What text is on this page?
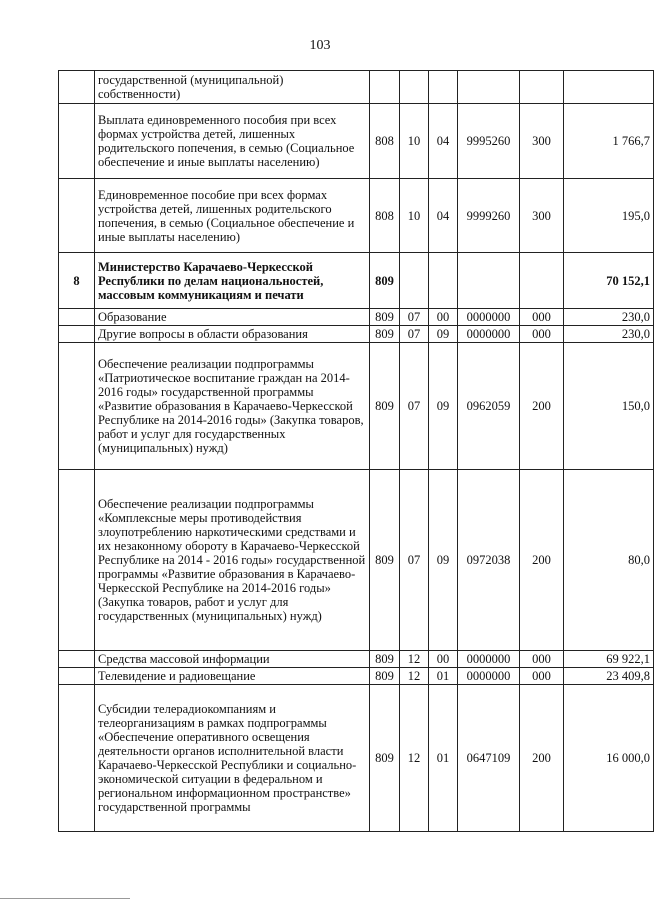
103
	государственной (муниципальной) собственности)						
	Выплата единовременного пособия при всех формах устройства детей, лишенных родительского попечения, в семью (Социальное обеспечение и иные выплаты населению)	808	10	04	9995260	300	1 766,7
	Единовременное пособие при всех формах устройства детей, лишенных родительского попечения, в семью (Социальное обеспечение и иные выплаты населению)	808	10	04	9999260	300	195,0
8	Министерство Карачаево-Черкесской Республики по делам национальностей, массовым коммуникациям и печати	809					70 152,1
	Образование	809	07	00	0000000	000	230,0
	Другие вопросы в области образования	809	07	09	0000000	000	230,0
	Обеспечение реализации подпрограммы «Патриотическое воспитание граждан на 2014-2016 годы» государственной программы «Развитие образования в Карачаево-Черкесской Республике на 2014-2016 годы» (Закупка товаров, работ и услуг для государственных (муниципальных) нужд)	809	07	09	0962059	200	150,0
	Обеспечение реализации подпрограммы «Комплексные меры противодействия злоупотреблению наркотическими средствами и их незаконному обороту в Карачаево-Черкесской Республике на 2014 - 2016 годы» государственной программы «Развитие образования в Карачаево-Черкесской Республике на 2014-2016 годы» (Закупка товаров, работ и услуг для государственных (муниципальных) нужд)	809	07	09	0972038	200	80,0
	Средства массовой информации	809	12	00	0000000	000	69 922,1
	Телевидение и радиовещание	809	12	01	0000000	000	23 409,8
	Субсидии телерадиокомпаниям и телеорганизациям в рамках подпрограммы «Обеспечение оперативного освещения деятельности органов исполнительной власти Карачаево-Черкесской Республики и социально-экономической ситуации в федеральном и региональном информационном пространстве» государственной программы	809	12	01	0647109	200	16 000,0
